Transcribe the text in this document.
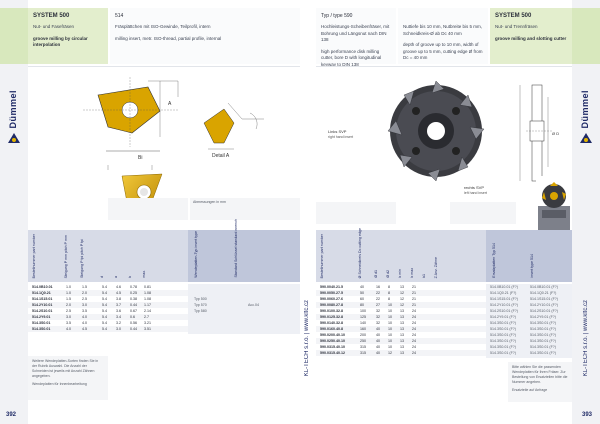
Dümmel
SYSTEM 500

Nut- und Fasefräsen

groove milling by circular interpolation

514

Fräsplättchen mit ISO-Gewinde, Teilprofil, intern

milling insert, metr. ISO-thread, partial profile, internal

Bi
A
Detail A
Abmessungen in mm
Bestellnummer part number	Steigung P mm pitch P mm	Steigung P tpi pitch P tpi	d	a	b	max.	Wendeplatten-Typ insert type	Standard Schlüssel standard wrench
514.0B10.01	1.0	1.5	5.4	4.6	0.78 0.81
514.1Q0.21	1.0	2.0	5.4	4.5	0.25 1.08
514.1S15.01	1.5	2.5	5.4	3.8	0.38 1.08
514.2Y10.01	2.0	3.0	5.4	3.7	0.44 1.17
514.2S10.01	2.5	3.5	5.4	3.6	0.67 2.14
514.2Y9.01	3.0	4.0	5.4	3.4	0.6	2.7
514.3S0.01	3.5	4.0	5.4	3.2	0.56 3.21
514.3S0.01	4.0	4.5	5.4	3.0	0.44 3.51
Typ 500
Typ 570
Typ 580
Acc.04
Weitere Wendeplatten-Sorten finden Sie in der Rubrik Auswahl. Die Anzahl der Schneiden ist jeweils mit Anzahl Zähnen angegeben.
Wendeplatten für Innenbearbeitung
392
Dümmel
KL-TECH s.r.o. | www.kltc.cz
KL-TECH s.r.o. | www.kltc.cz
Typ / type 590

Hochleistungs-Scheibenfräser, mit Bohrung und Längsnut nach DIN 138

high performance disk milling cutter, bore D with longitudinal keyway to DIN 138

Nuttiefe bis 10 mm, Nutbreite bis 5 mm, Schneidkreis-Ø ab Dc 40 mm

depth of groove up to 10 mm, width of groove up to 5 mm, cutting edge Ø from Dc = 40 mm

SYSTEM 500

Nut- und Trennfräsen

groove milling and slotting cutter

Links SVP
right hand insert
rechts SVP
left hand insert
Ø D
Bestellnummer part number	Ø Schneidkreis Dc cutting edge	Ø d1 Ø d2 b min b max b1 Z Anz. Zähne	Ersatzplatten Typ 514	insert type 514
590.0040.21.5	40	16 8	13 21	514.0B10.01 (F?)	514.0B10.01 (F?)
590.0050.27.5	50	22 8	12 21	514.1Q0.21 (F?)	514.1Q0.21 (F?)
590.0060.27.6	60	22 8	12 21	514.1S15.01 (F?)	514.1S15.01 (F?)
590.0080.27.8	80	27 10 12 21	514.2Y10.01 (F?)	514.2Y10.01 (F?)
590.0100.32.8	100	32 10 13 24	514.2S10.01 (F?)	514.2S10.01 (F?)
590.0125.32.8	125	32 10 13 24	514.2Y9.01 (F?)	514.2Y9.01 (F?)
590.0140.32.8	140	32 10 13 24	514.3S0.01 (F?)	514.3S0.01 (F?)
590.0160.40.8	160	40 10 13 24	514.3S0.01 (F?)	514.3S0.01 (F?)
590.0200.40.10	200	40 10 13 24	514.3S0.01 (F?)	514.3S0.01 (F?)
590.0250.40.10	250	40 10 13 24	514.3S0.01 (F?)	514.3S0.01 (F?)
590.0315.40.10	315	40 10 13 24	514.3S0.01 (F?)	514.3S0.01 (F?)
590.0315.40.12	315	40 12 13 24	514.3S0.01 (F?)	514.3S0.01 (F?)
Bitte wählen Sie die passenden Wendeplatten für Ihren Fräser. Zur Bestellung von Ersatzteilen bitte die Nummer angeben.
Ersatzteile auf Anfrage
393
